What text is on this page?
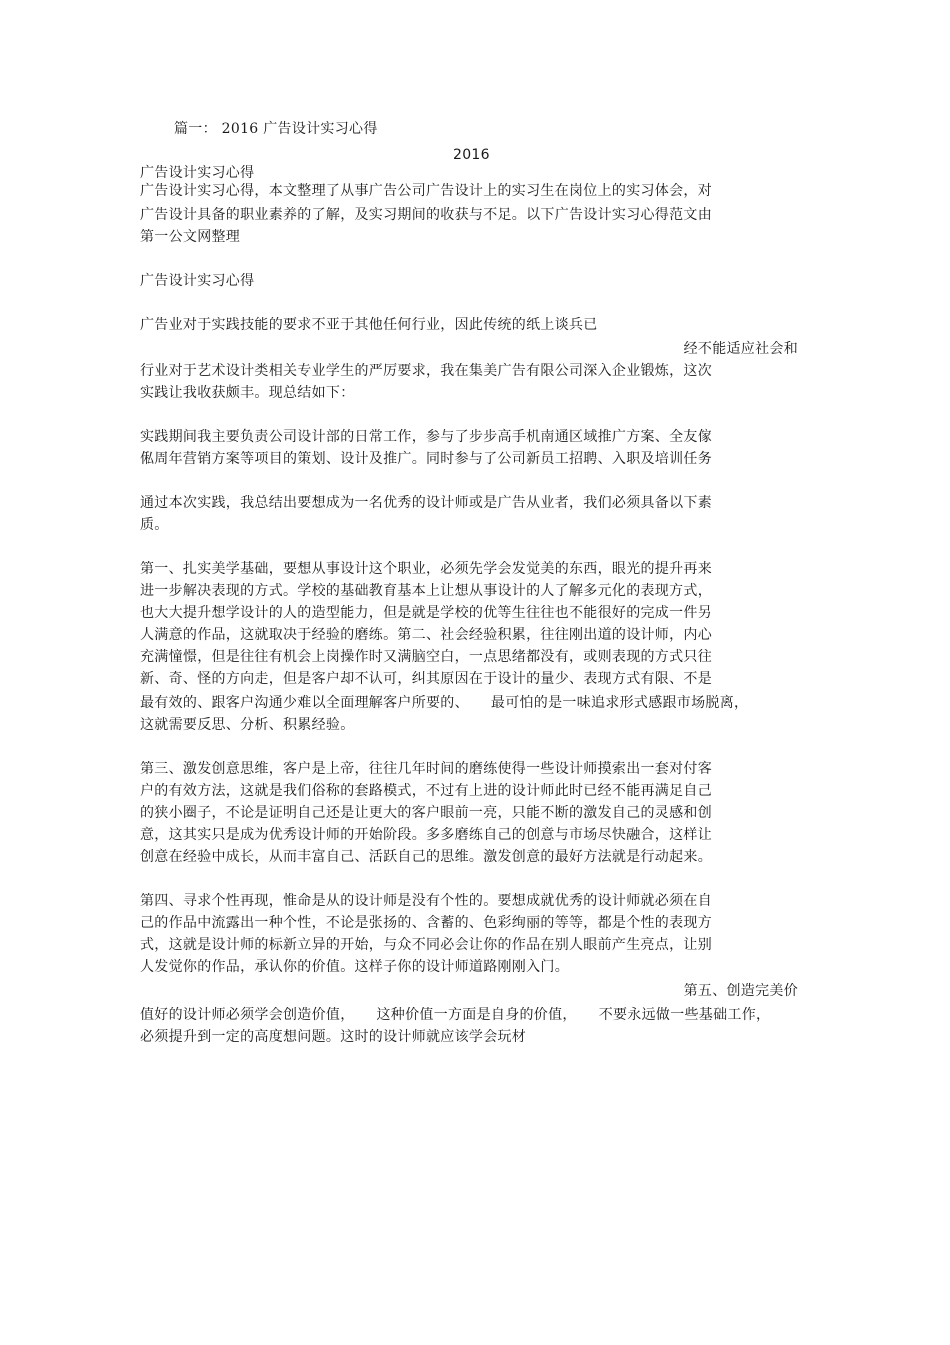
篇一： 2016 广告设计实习心得
2016
广告设计实习心得
广告设计实习心得，本文整理了从事广告公司广告设计上的实习生在岗位上的实习体会，对
广告设计具备的职业素养的了解，及实习期间的收获与不足。以下广告设计实习心得范文由
第一公文网整理
广告设计实习心得
广告业对于实践技能的要求不亚于其他任何行业，因此传统的纸上谈兵已
经不能适应社会和
行业对于艺术设计类相关专业学生的严厉要求，我在集美广告有限公司深入企业锻炼，这次
实践让我收获颇丰。现总结如下：
实践期间我主要负责公司设计部的日常工作，参与了步步高手机南通区域推广方案、全友傢
俬周年营销方案等项目的策划、设计及推广。同时参与了公司新员工招聘、入职及培训任务
通过本次实践，我总结出要想成为一名优秀的设计师或是广告从业者，我们必须具备以下素
质。
第一、扎实美学基础，要想从事设计这个职业，必须先学会发觉美的东西，眼光的提升再来
进一步解决表现的方式。学校的基础教育基本上让想从事设计的人了解多元化的表现方式，
也大大提升想学设计的人的造型能力，但是就是学校的优等生往往也不能很好的完成一件另
人满意的作品，这就取决于经验的磨练。第二、社会经验积累，往往刚出道的设计师，内心
充满憧憬，但是往往有机会上岗操作时又满脑空白，一点思绪都没有，或则表现的方式只往
新、奇、怪的方向走，但是客户却不认可，纠其原因在于设计的量少、表现方式有限、不是
最有效的、跟客户沟通少难以全面理解客户所要的、 最可怕的是一味追求形式感跟市场脱离，
这就需要反思、分析、积累经验。
第三、激发创意思维，客户是上帝，往往几年时间的磨练使得一些设计师摸索出一套对付客
户的有效方法，这就是我们俗称的套路模式，不过有上进的设计师此时已经不能再满足自己
的狭小圈子，不论是证明自己还是让更大的客户眼前一亮，只能不断的激发自己的灵感和创
意，这其实只是成为优秀设计师的开始阶段。多多磨练自己的创意与市场尽快融合，这样让
创意在经验中成长，从而丰富自己、活跃自己的思维。激发创意的最好方法就是行动起来。
第四、寻求个性再现，惟命是从的设计师是没有个性的。要想成就优秀的设计师就必须在自
己的作品中流露出一种个性，不论是张扬的、含蓄的、色彩绚丽的等等，都是个性的表现方
式，这就是设计师的标新立异的开始，与众不同必会让你的作品在别人眼前产生亮点，让别
人发觉你的作品，承认你的价值。这样子你的设计师道路刚刚入门。
第五、创造完美价
值好的设计师必须学会创造价值， 这种价值一方面是自身的价值， 不要永远做一些基础工作，
必须提升到一定的高度想问题。这时的设计师就应该学会玩材
